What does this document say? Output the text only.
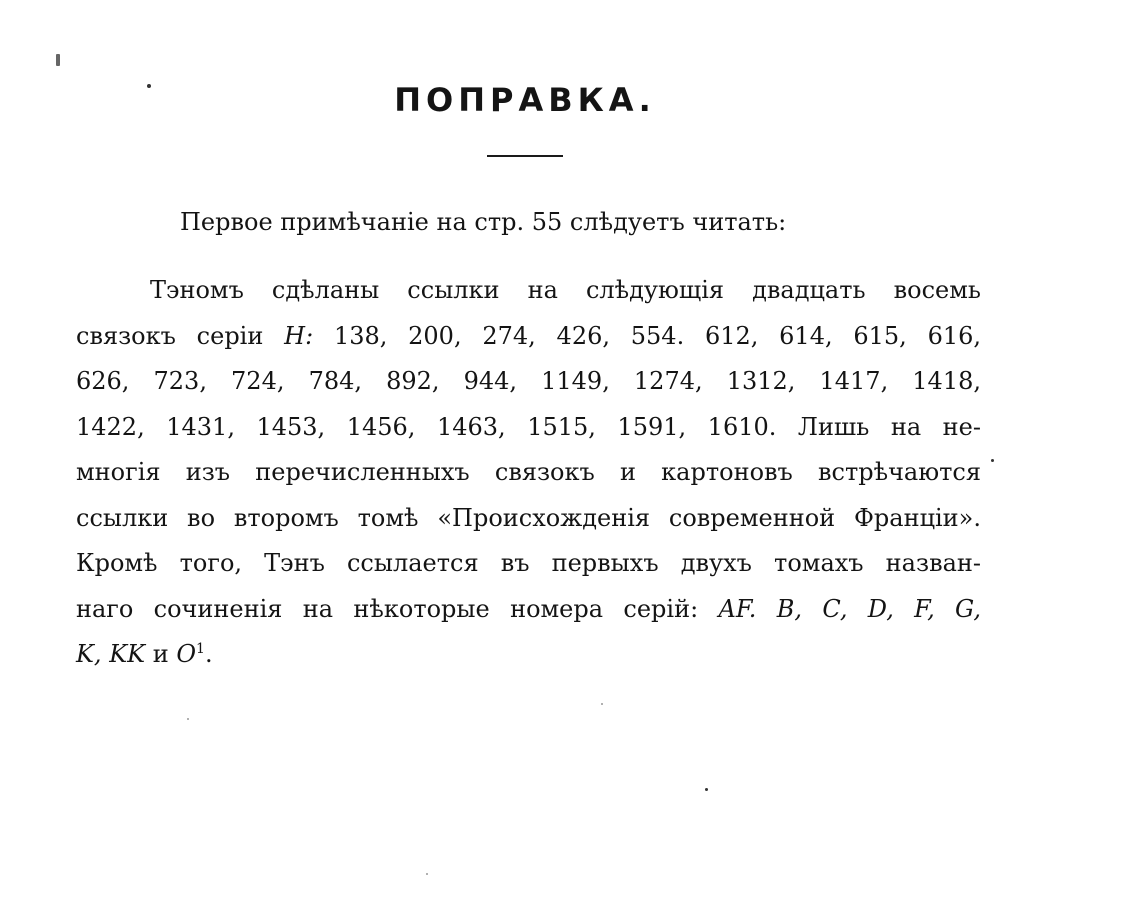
ПОПРАВКА.

Первое примѣчаніе на стр. 55 слѣдуетъ читать:

Тэномъ сдѣланы ссылки на слѣдующія двадцать восемь
связокъ серіи H: 138, 200, 274, 426, 554. 612, 614, 615, 616,
626, 723, 724, 784, 892, 944, 1149, 1274, 1312, 1417, 1418,
1422, 1431, 1453, 1456, 1463, 1515, 1591, 1610. Лишь на не-
многія изъ перечисленныхъ связокъ и картоновъ встрѣчаются
ссылки во второмъ томѣ «Происхожденія современной Франціи».
Кромѣ того, Тэнъ ссылается въ первыхъ двухъ томахъ назван-
наго сочиненія на нѣкоторые номера серій: AF. B, C, D, F, G,
K, KK и O$^1$.
